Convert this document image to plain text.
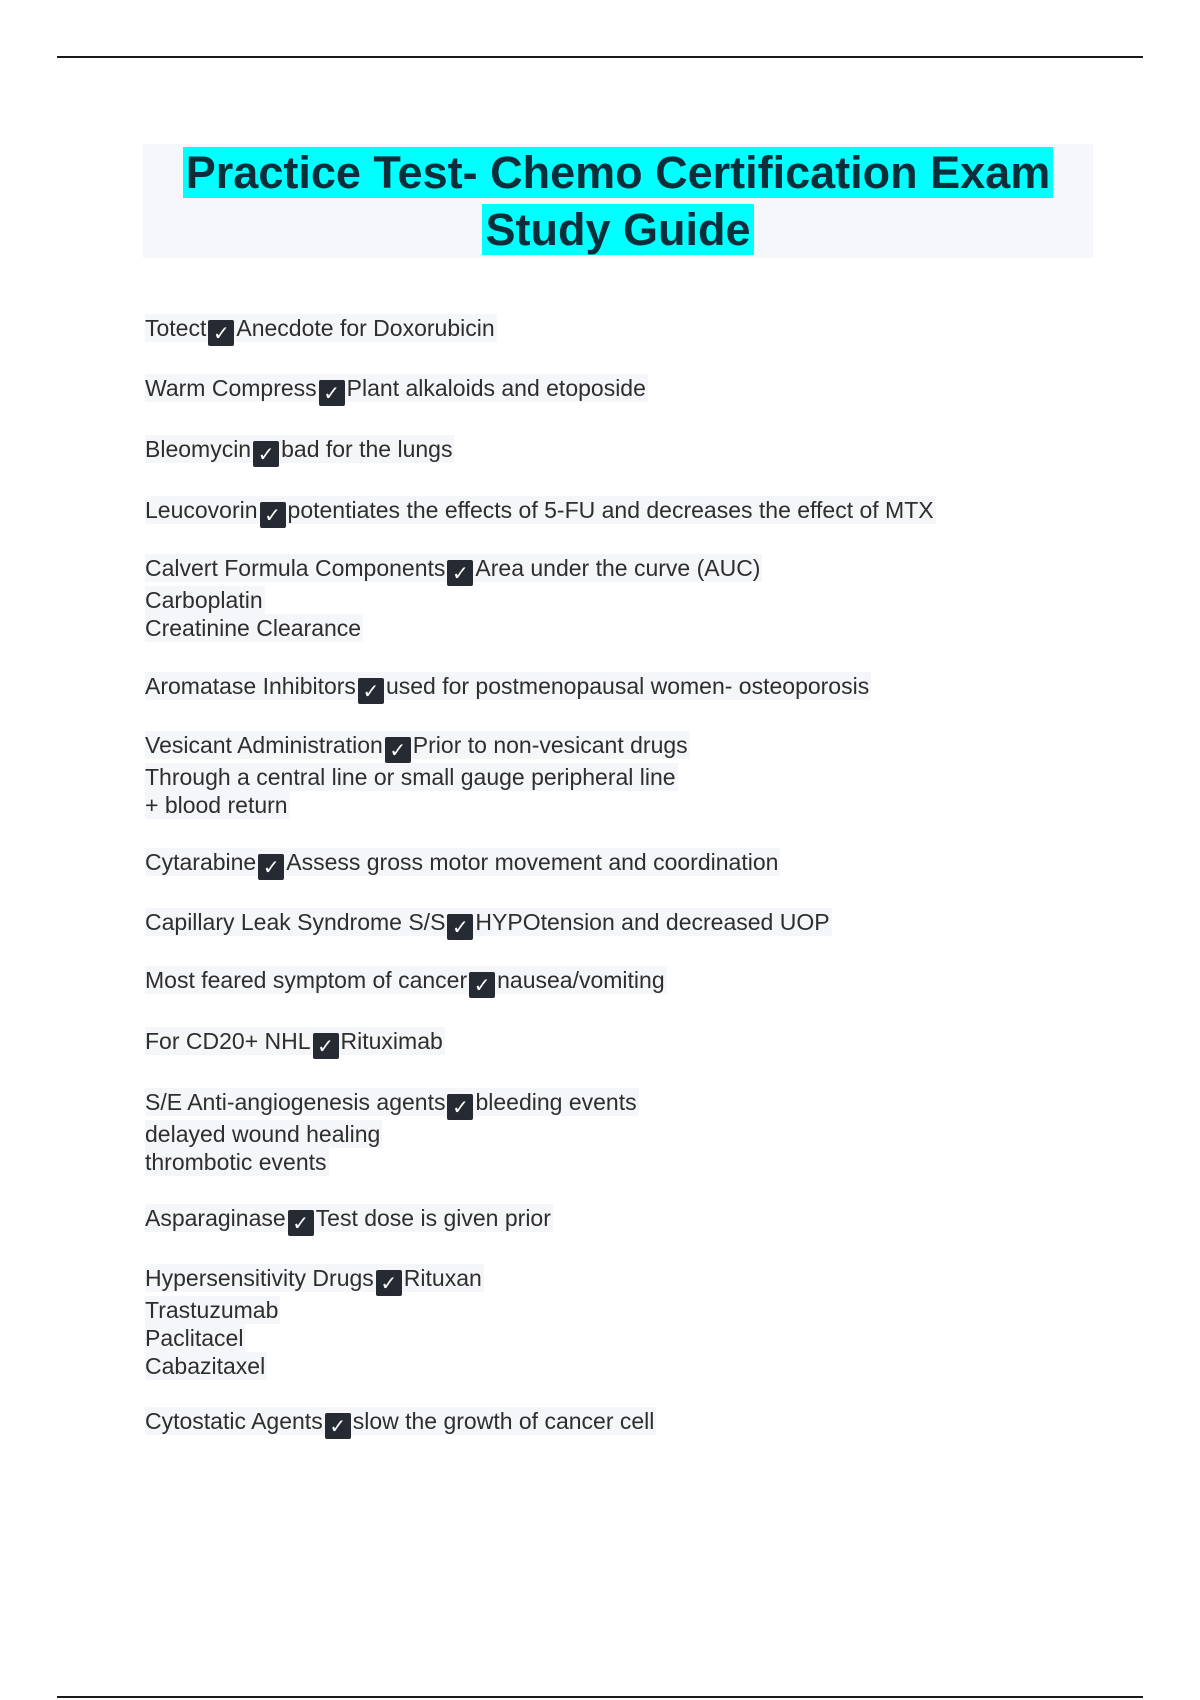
Practice Test- Chemo Certification Exam
Study Guide
Totect ✓ Anecdote for Doxorubicin
Warm Compress ✓ Plant alkaloids and etoposide
Bleomycin ✓ bad for the lungs
Leucovorin ✓ potentiates the effects of 5-FU and decreases the effect of MTX
Calvert Formula Components ✓ Area under the curve (AUC)
Carboplatin
Creatinine Clearance
Aromatase Inhibitors ✓ used for postmenopausal women- osteoporosis
Vesicant Administration ✓ Prior to non-vesicant drugs
Through a central line or small gauge peripheral line
+ blood return
Cytarabine ✓ Assess gross motor movement and coordination
Capillary Leak Syndrome S/S ✓ HYPOtension and decreased UOP
Most feared symptom of cancer ✓ nausea/vomiting
For CD20+ NHL ✓ Rituximab
S/E Anti-angiogenesis agents ✓ bleeding events
delayed wound healing
thrombotic events
Asparaginase ✓ Test dose is given prior
Hypersensitivity Drugs ✓ Rituxan
Trastuzumab
Paclitacel
Cabazitaxel
Cytostatic Agents ✓ slow the growth of cancer cell
